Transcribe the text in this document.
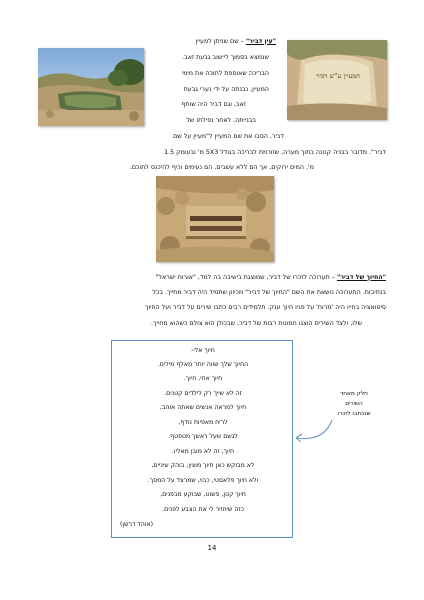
המעיין ע"ש דביר
"עין דביר" – שם שניתן למעיין
שנמצא בסמוך ליישוב גבעת זאב.
הבריכה שאוספת לתוכה את מימי
המעיין, נבנתה על ידי נערי גבעת
זאב, וגם דביר היה שותף
בבנייתה. לאחר נפילתו של
דביר, הסבו את שם המעיין ל"מעיין על שם
דביר". מדובר בבניה קטנה בתוך מערה, שזורמת לבריכה בגודל 5X3 מ' ובעומק 1.5
מ'. המים ירוקים, אך הם ללא עשבים. הם נעימים וכיף להיכנס לתוכם.
"החיוך של דביר" – תערוכה לזכרו של דביר, שמוצגת בישיבה בה למד, "אורות ישראל"
בנתיבות. התערוכה נושאת את השם "החיוך של דביר" מכיוון שתמיד היה דביר מחייך. בכל
סיטואציה בחייו היה 'מרוח' על פניו חיוך ענק. תלמידים רבים כתבו שירים על דביר ועל החיוך
שלו, ולצד השירים הוצגו תמונות רבות של דביר, שבכולן הוא צולם כשהוא מחייך.
חיוך אלי-
החיוך שלך שווה יותר מאלף מילים.
חיוך אחי, חיוך.
זה לא שייך רק לילדים קטנים.
חיוך למראה אנשים שאתה אוהב,
לריח מאפיות נודף,
לגשם שעל ראשך מטפטף.
חיוך, זה לא מובן מאליו.
לא מבוקש כאן חיוך מוצץ, בוהק שיניים,
ולא חיוך פלאסטי, כבוי, שמרצד על המסך.
חיוך קטן, פשוט, שבוקע מבפנים,
כזה שיחזיר לי את הצבע לפנים.
(אוהד דרשן)
חלק מאחד
השירים
שנכתבו לזכרו
14
